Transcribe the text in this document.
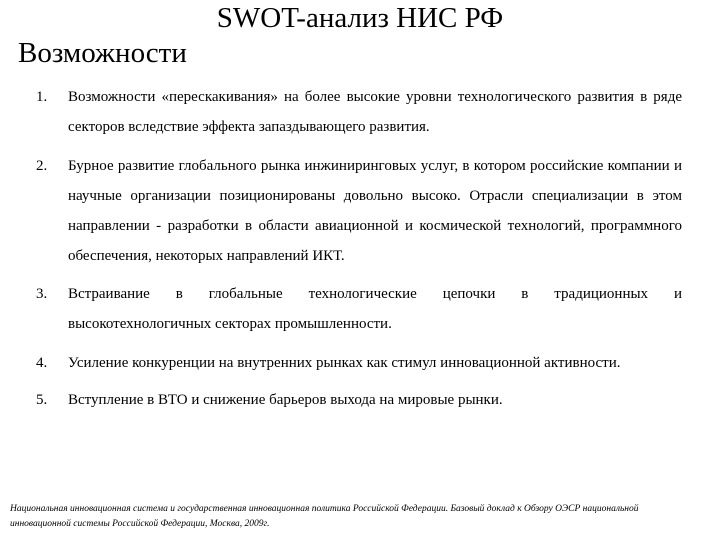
SWOT-анализ НИС РФ
Возможности
1.	Возможности «перескакивания» на более высокие уровни технологического развития в ряде секторов вследствие эффекта запаздывающего развития.
2.	Бурное развитие глобального рынка инжиниринговых услуг, в котором российские компании и научные организации позиционированы довольно высоко. Отрасли специализации в этом направлении - разработки в области авиационной и космической технологий, программного обеспечения, некоторых направлений ИКТ.
3.	Встраивание в глобальные технологические цепочки в традиционных и
высокотехнологичных секторах промышленности.
4.	Усиление конкуренции на внутренних рынках как стимул инновационной активности.
5.	Вступление в ВТО и снижение барьеров выхода на мировые рынки.

Национальная инновационная система и государственная инновационная политика Российской Федерации. Базовый доклад к Обзору ОЭСР национальной инновационной системы Российской Федерации, Москва, 2009г.
